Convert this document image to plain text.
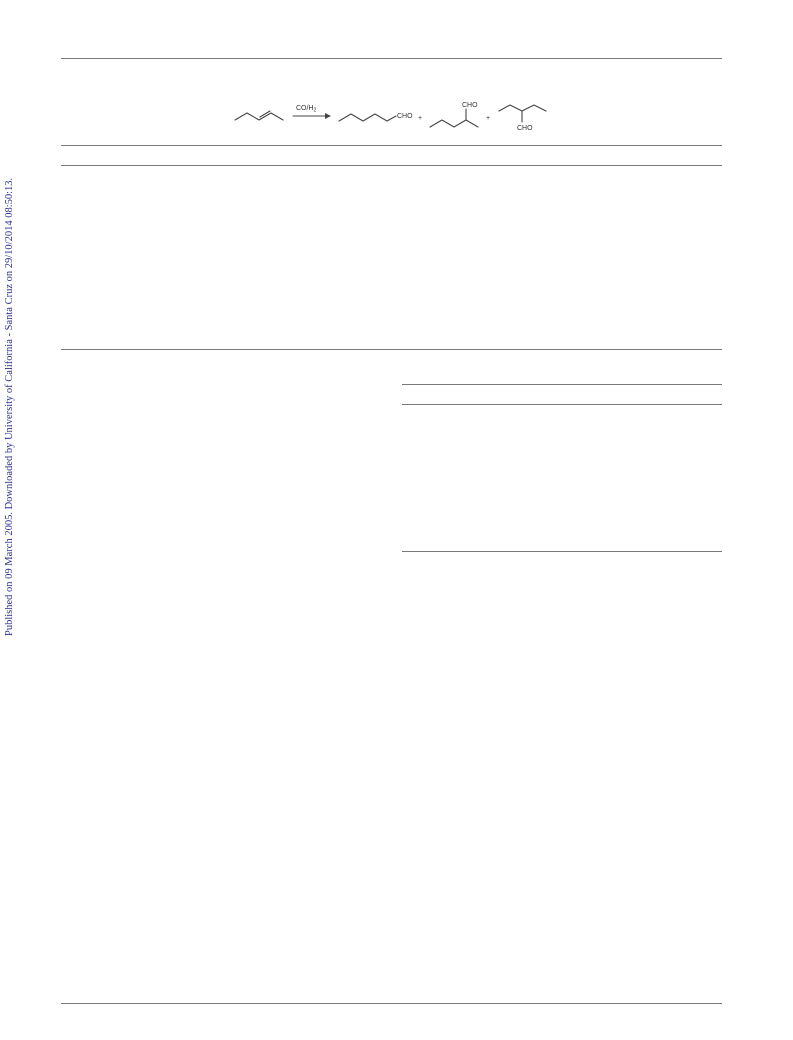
Published on 09 March 2005. Downloaded by University of California - Santa Cruz on 29/10/2014 08:50:13.
$CO/H_2$
CHO +
CHO
+
CHO
